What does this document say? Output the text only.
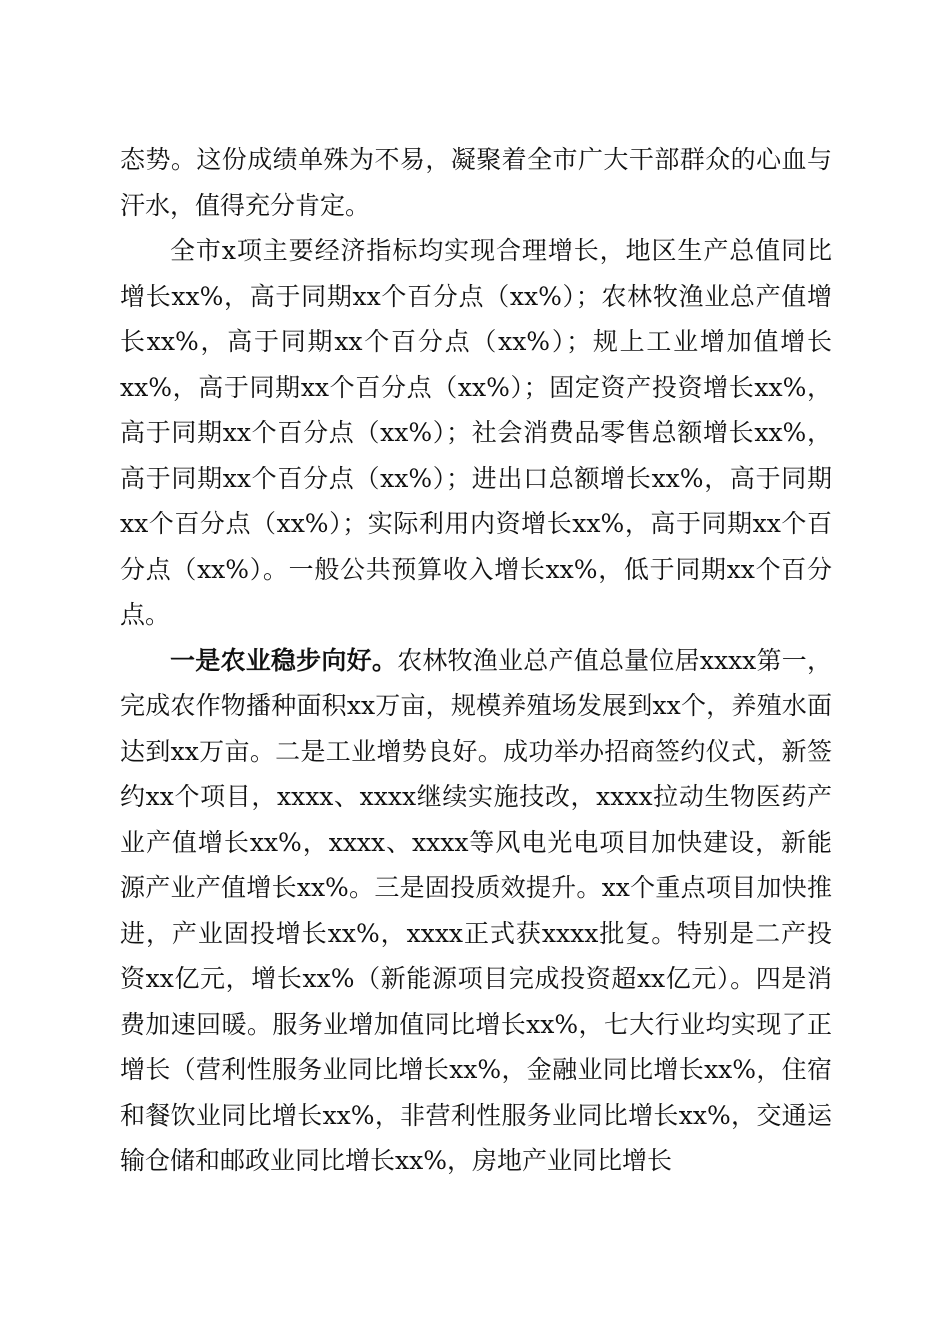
态势。这份成绩单殊为不易，凝聚着全市广大干部群众的心血与汗水，值得充分肯定。

全市x项主要经济指标均实现合理增长，地区生产总值同比增长xx%，高于同期xx个百分点（xx%）；农林牧渔业总产值增长xx%，高于同期xx个百分点（xx%）；规上工业增加值增长xx%，高于同期xx个百分点（xx%）；固定资产投资增长xx%，高于同期xx个百分点（xx%）；社会消费品零售总额增长xx%，高于同期xx个百分点（xx%）；进出口总额增长xx%，高于同期xx个百分点（xx%）；实际利用内资增长xx%，高于同期xx个百分点（xx%）。一般公共预算收入增长xx%，低于同期xx个百分点。

一是农业稳步向好。农林牧渔业总产值总量位居xxxx第一，完成农作物播种面积xx万亩，规模养殖场发展到xx个，养殖水面达到xx万亩。二是工业增势良好。成功举办招商签约仪式，新签约xx个项目，xxxx、xxxx继续实施技改，xxxx拉动生物医药产业产值增长xx%，xxxx、xxxx等风电光电项目加快建设，新能源产业产值增长xx%。三是固投质效提升。xx个重点项目加快推进，产业固投增长xx%，xxxx正式获xxxx批复。特别是二产投资xx亿元，增长xx%（新能源项目完成投资超xx亿元）。四是消费加速回暖。服务业增加值同比增长xx%，七大行业均实现了正增长（营利性服务业同比增长xx%，金融业同比增长xx%，住宿和餐饮业同比增长xx%，非营利性服务业同比增长xx%，交通运输仓储和邮政业同比增长xx%，房地产业同比增长
